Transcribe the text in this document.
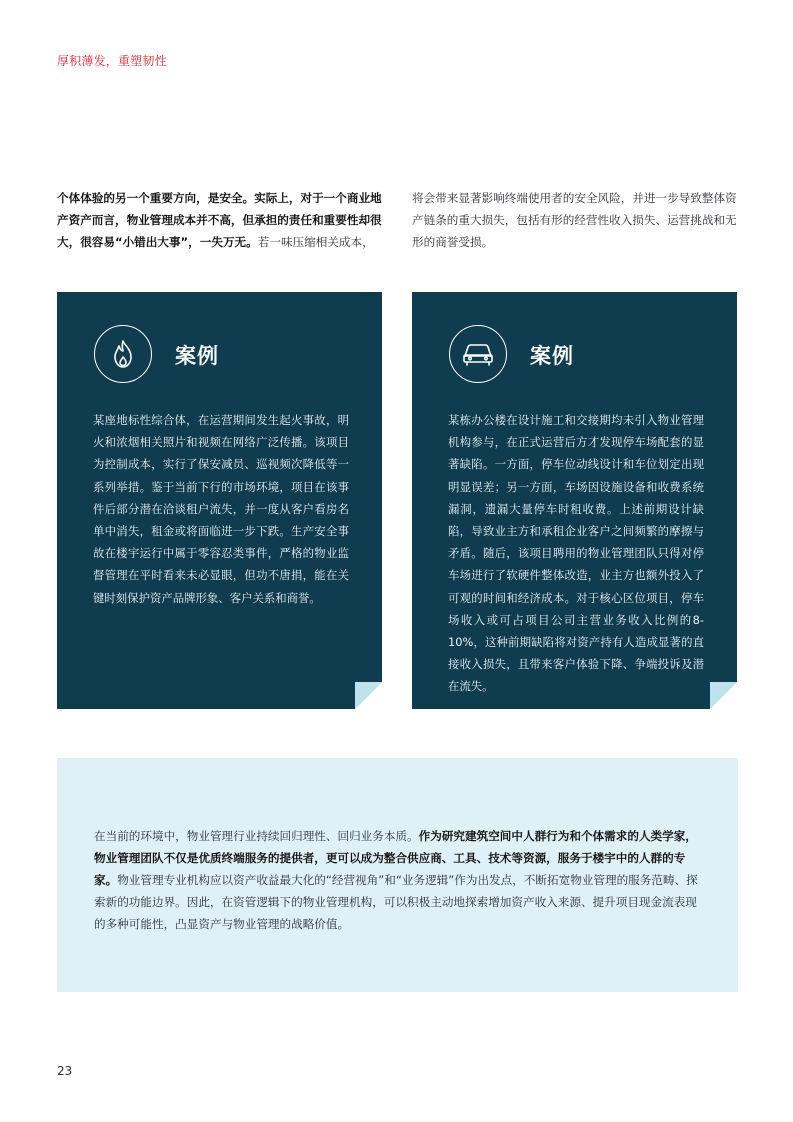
厚积薄发，重塑韧性
个体体验的另一个重要方向，是安全。实际上，对于一个商业地产资产而言，物业管理成本并不高，但承担的责任和重要性却很大，很容易“小错出大事”，一失万无。若一味压缩相关成本，
将会带来显著影响终端使用者的安全风险，并进一步导致整体资产链条的重大损失，包括有形的经营性收入损失、运营挑战和无形的商誉受损。
案例
某座地标性综合体，在运营期间发生起火事故，明火和浓烟相关照片和视频在网络广泛传播。该项目为控制成本，实行了保安减员、巡视频次降低等一系列举措。鉴于当前下行的市场环境，项目在该事件后部分潜在洽谈租户流失，并一度从客户看房名单中消失，租金或将面临进一步下跌。生产安全事故在楼宇运行中属于零容忍类事件，严格的物业监督管理在平时看来未必显眼，但功不唐捐，能在关键时刻保护资产品牌形象、客户关系和商誉。
案例
某栋办公楼在设计施工和交接期均未引入物业管理机构参与，在正式运营后方才发现停车场配套的显著缺陷。一方面，停车位动线设计和车位划定出现明显误差；另一方面，车场因设施设备和收费系统漏洞，遗漏大量停车时租收费。上述前期设计缺陷，导致业主方和承租企业客户之间频繁的摩擦与矛盾。随后，该项目聘用的物业管理团队只得对停车场进行了软硬件整体改造，业主方也额外投入了可观的时间和经济成本。对于核心区位项目，停车场收入或可占项目公司主营业务收入比例的8-10%，这种前期缺陷将对资产持有人造成显著的直接收入损失，且带来客户体验下降、争端投诉及潜在流失。
在当前的环境中，物业管理行业持续回归理性、回归业务本质。作为研究建筑空间中人群行为和个体需求的人类学家，物业管理团队不仅是优质终端服务的提供者，更可以成为整合供应商、工具、技术等资源，服务于楼宇中的人群的专家。物业管理专业机构应以资产收益最大化的“经营视角”和“业务逻辑”作为出发点，不断拓宽物业管理的服务范畴、探索新的功能边界。因此，在资管逻辑下的物业管理机构，可以积极主动地探索增加资产收入来源、提升项目现金流表现的多种可能性，凸显资产与物业管理的战略价值。
23
